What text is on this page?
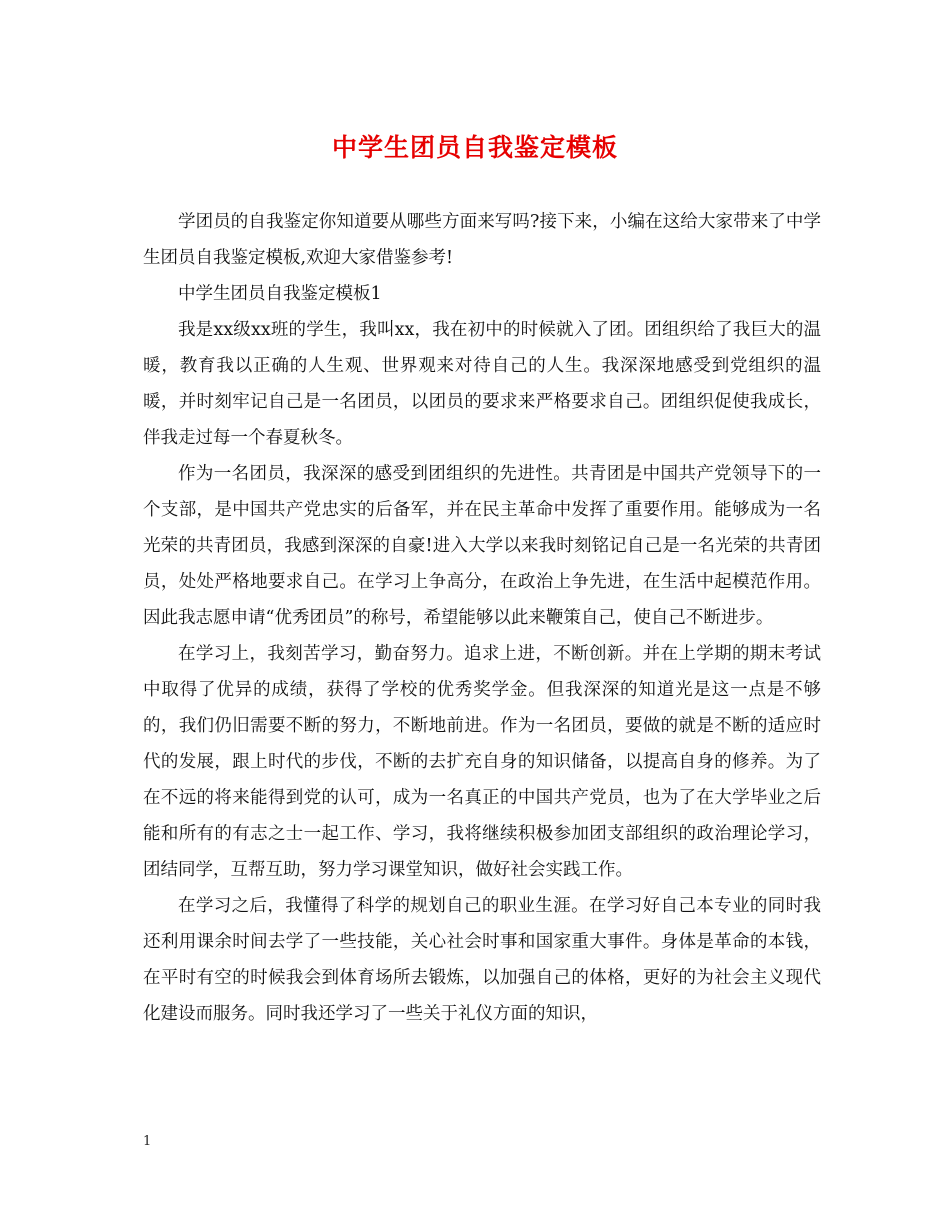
中学生团员自我鉴定模板

学团员的自我鉴定你知道要从哪些方面来写吗?接下来，小编在这给大家带来了中学生团员自我鉴定模板,欢迎大家借鉴参考!

中学生团员自我鉴定模板1

我是xx级xx班的学生，我叫xx，我在初中的时候就入了团。团组织给了我巨大的温暖，教育我以正确的人生观、世界观来对待自己的人生。我深深地感受到党组织的温暖，并时刻牢记自己是一名团员，以团员的要求来严格要求自己。团组织促使我成长，伴我走过每一个春夏秋冬。

作为一名团员，我深深的感受到团组织的先进性。共青团是中国共产党领导下的一个支部，是中国共产党忠实的后备军，并在民主革命中发挥了重要作用。能够成为一名光荣的共青团员，我感到深深的自豪!进入大学以来我时刻铭记自己是一名光荣的共青团员，处处严格地要求自己。在学习上争高分，在政治上争先进，在生活中起模范作用。因此我志愿申请“优秀团员”的称号，希望能够以此来鞭策自己，使自己不断进步。

在学习上，我刻苦学习，勤奋努力。追求上进，不断创新。并在上学期的期末考试中取得了优异的成绩，获得了学校的优秀奖学金。但我深深的知道光是这一点是不够的，我们仍旧需要不断的努力，不断地前进。作为一名团员，要做的就是不断的适应时代的发展，跟上时代的步伐，不断的去扩充自身的知识储备，以提高自身的修养。为了在不远的将来能得到党的认可，成为一名真正的中国共产党员，也为了在大学毕业之后能和所有的有志之士一起工作、学习，我将继续积极参加团支部组织的政治理论学习，团结同学，互帮互助，努力学习课堂知识，做好社会实践工作。

在学习之后，我懂得了科学的规划自己的职业生涯。在学习好自己本专业的同时我还利用课余时间去学了一些技能，关心社会时事和国家重大事件。身体是革命的本钱，在平时有空的时候我会到体育场所去锻炼，以加强自己的体格，更好的为社会主义现代化建设而服务。同时我还学习了一些关于礼仪方面的知识，

1
